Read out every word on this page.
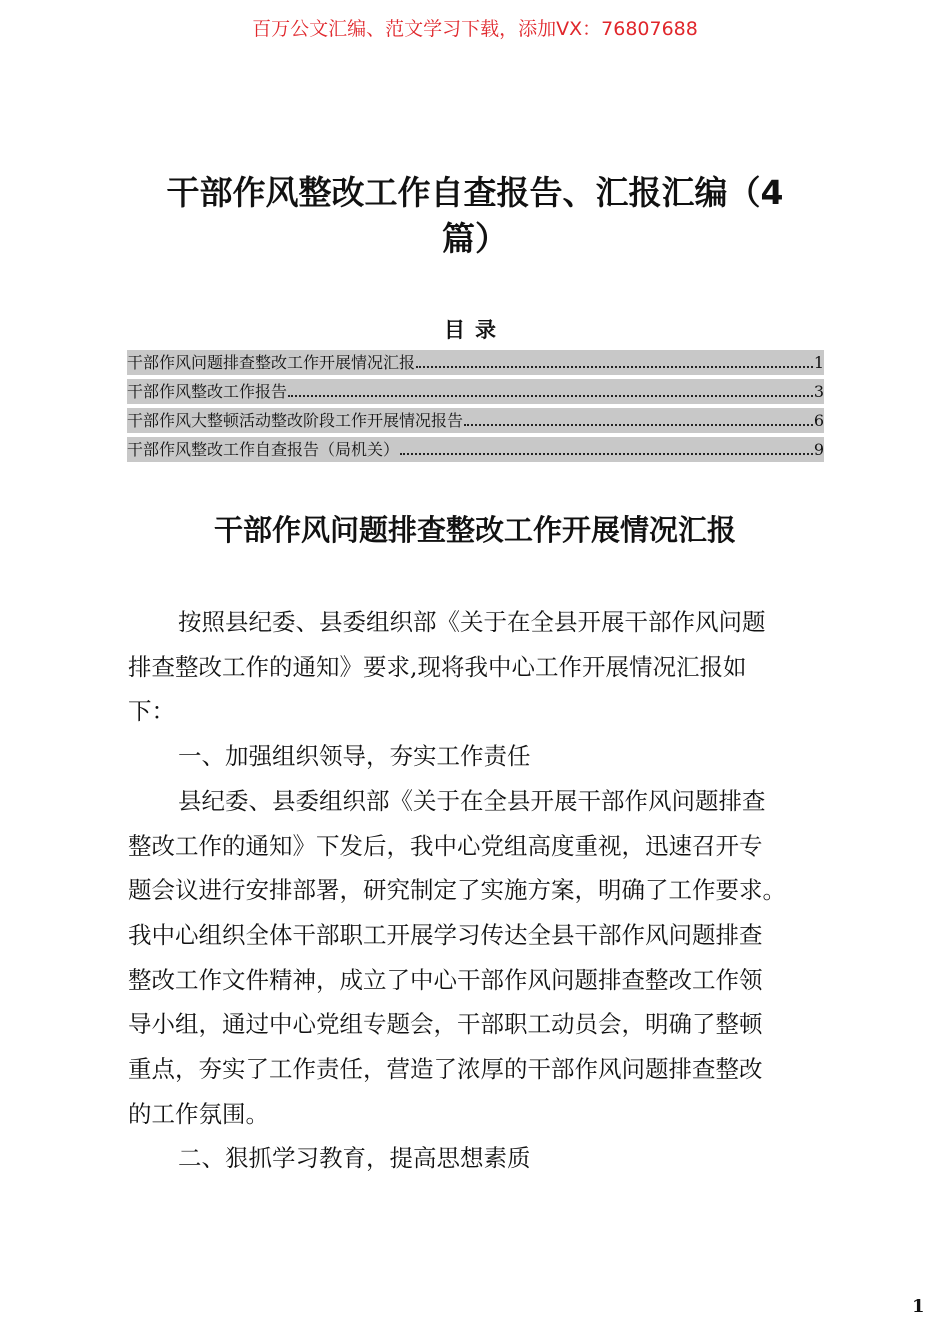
百万公文汇编、范文学习下载，添加VX：76807688
干部作风整改工作自查报告、汇报汇编（4
篇）
目录
干部作风问题排查整改工作开展情况汇报	1
干部作风整改工作报告	3
干部作风大整顿活动整改阶段工作开展情况报告	6
干部作风整改工作自查报告（局机关）	9
干部作风问题排查整改工作开展情况汇报
按照县纪委、县委组织部《关于在全县开展干部作风问题
排查整改工作的通知》要求,现将我中心工作开展情况汇报如
下：
一、加强组织领导，夯实工作责任
县纪委、县委组织部《关于在全县开展干部作风问题排查
整改工作的通知》下发后，我中心党组高度重视，迅速召开专
题会议进行安排部署，研究制定了实施方案，明确了工作要求。
我中心组织全体干部职工开展学习传达全县干部作风问题排查
整改工作文件精神，成立了中心干部作风问题排查整改工作领
导小组，通过中心党组专题会，干部职工动员会，明确了整顿
重点，夯实了工作责任，营造了浓厚的干部作风问题排查整改
的工作氛围。
二、狠抓学习教育，提高思想素质
1
